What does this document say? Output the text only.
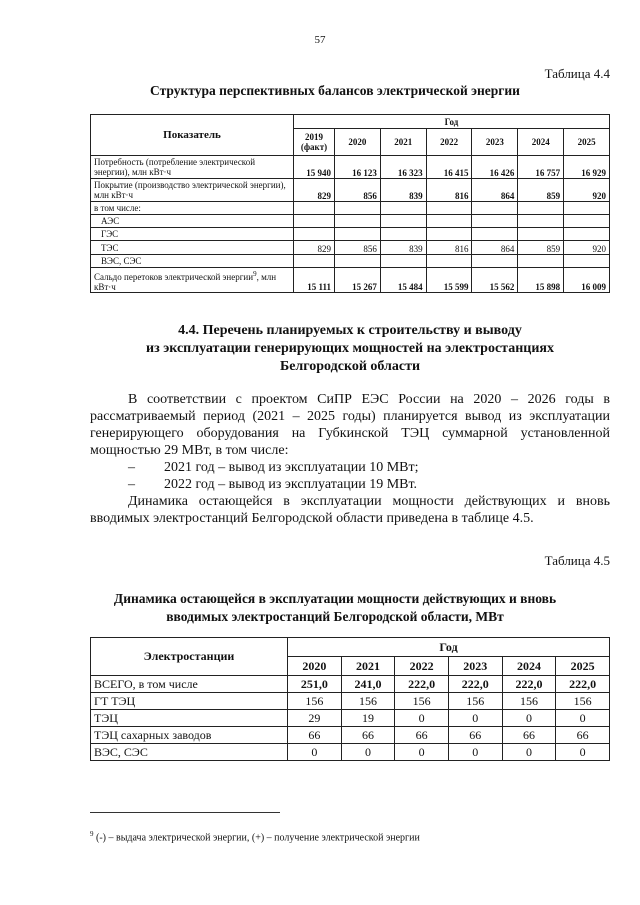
57
Таблица 4.4
Структура перспективных балансов электрической энергии
Показатель	Год						
	2019 (факт)	2020	2021	2022	2023	2024	2025
Потребность (потребление электрической энергии), млн кВт·ч	15 940	16 123	16 323	16 415	16 426	16 757	16 929
Покрытие (производство электрической энергии), млн кВт·ч	829	856	839	816	864	859	920
в том числе:							
АЭС							
ГЭС							
ТЭС	829	856	839	816	864	859	920
ВЭС, СЭС							
Сальдо перетоков электрической энергии$^9$, млн кВт·ч	15 111	15 267	15 484	15 599	15 562	15 898	16 009
4.4. Перечень планируемых к строительству и выводу
из эксплуатации генерирующих мощностей на электростанциях
Белгородской области
В соответствии с проектом СиПР ЕЭС России на 2020 – 2026 годы в рассматриваемый период (2021 – 2025 годы) планируется вывод из эксплуатации генерирующего оборудования на Губкинской ТЭЦ суммарной установленной мощностью 29 МВт, в том числе:
– 2021 год – вывод из эксплуатации 10 МВт;
– 2022 год – вывод из эксплуатации 19 МВт.
Динамика остающейся в эксплуатации мощности действующих и вновь вводимых электростанций Белгородской области приведена в таблице 4.5.
Таблица 4.5
Динамика остающейся в эксплуатации мощности действующих и вновь
вводимых электростанций Белгородской области, МВт
Электростанции	Год					
	2020	2021	2022	2023	2024	2025
ВСЕГО, в том числе	251,0	241,0	222,0	222,0	222,0	222,0
ГТ ТЭЦ	156	156	156	156	156	156
ТЭЦ	29	19	0	0	0	0
ТЭЦ сахарных заводов	66	66	66	66	66	66
ВЭС, СЭС	0	0	0	0	0	0
$^9$ (-) – выдача электрической энергии, (+) – получение электрической энергии
